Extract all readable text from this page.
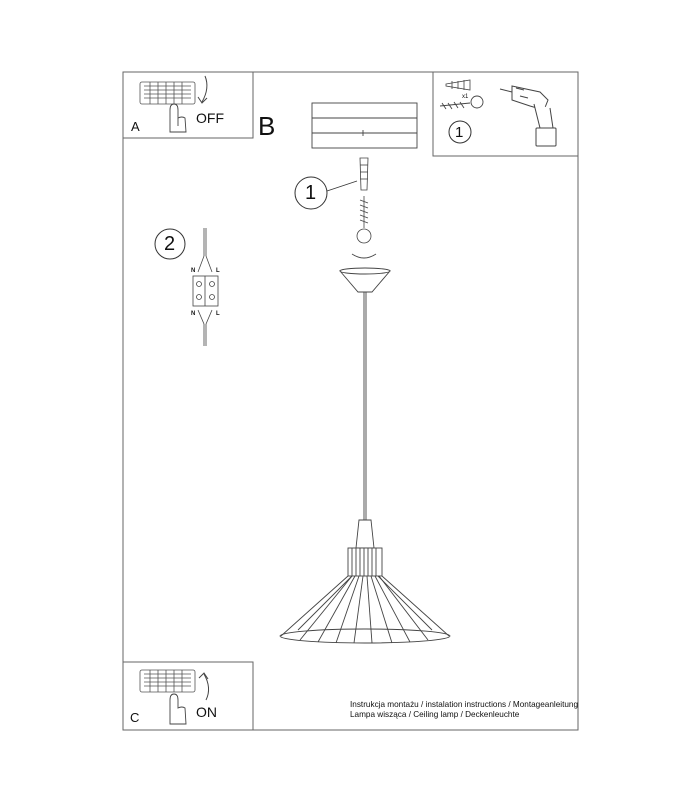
A
OFF B
x1
1
1
2
N	L
N	L
C	ON	Instrukcja montażu / instalation instructions / Montageanleitung
Lampa wisząca / Ceiling lamp / Deckenleuchte
